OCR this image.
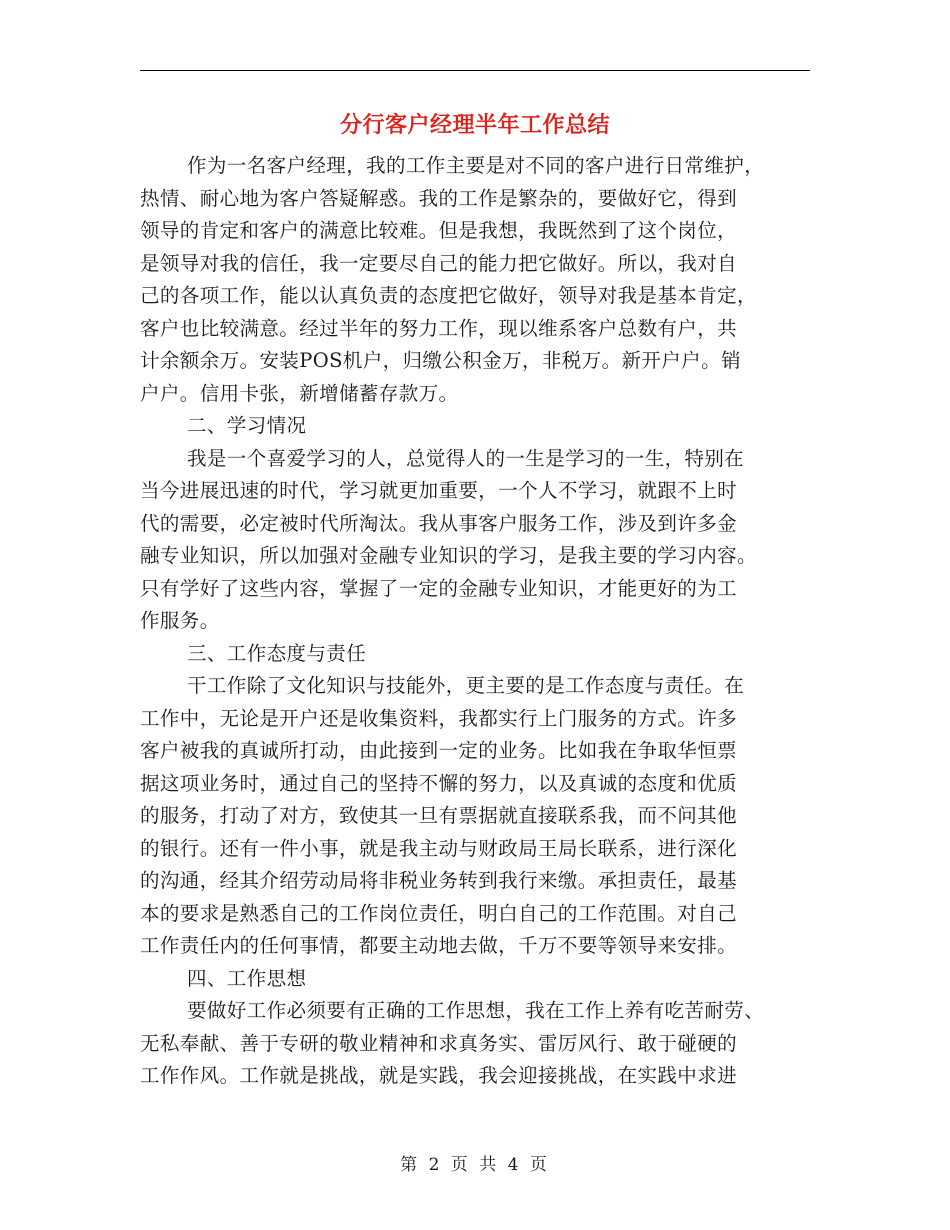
分行客户经理半年工作总结
作为一名客户经理，我的工作主要是对不同的客户进行日常维护，
热情、耐心地为客户答疑解惑。我的工作是繁杂的，要做好它，得到
领导的肯定和客户的满意比较难。但是我想，我既然到了这个岗位，
是领导对我的信任，我一定要尽自己的能力把它做好。所以，我对自
己的各项工作，能以认真负责的态度把它做好，领导对我是基本肯定，
客户也比较满意。经过半年的努力工作，现以维系客户总数有户，共
计余额余万。安装POS机户，归缴公积金万，非税万。新开户户。销
户户。信用卡张，新增储蓄存款万。
二、学习情况
我是一个喜爱学习的人，总觉得人的一生是学习的一生，特别在
当今进展迅速的时代，学习就更加重要，一个人不学习，就跟不上时
代的需要，必定被时代所淘汰。我从事客户服务工作，涉及到许多金
融专业知识，所以加强对金融专业知识的学习，是我主要的学习内容。
只有学好了这些内容，掌握了一定的金融专业知识，才能更好的为工
作服务。
三、工作态度与责任
干工作除了文化知识与技能外，更主要的是工作态度与责任。在
工作中，无论是开户还是收集资料，我都实行上门服务的方式。许多
客户被我的真诚所打动，由此接到一定的业务。比如我在争取华恒票
据这项业务时，通过自己的坚持不懈的努力，以及真诚的态度和优质
的服务，打动了对方，致使其一旦有票据就直接联系我，而不问其他
的银行。还有一件小事，就是我主动与财政局王局长联系，进行深化
的沟通，经其介绍劳动局将非税业务转到我行来缴。承担责任，最基
本的要求是熟悉自己的工作岗位责任，明白自己的工作范围。对自己
工作责任内的任何事情，都要主动地去做，千万不要等领导来安排。
四、工作思想
要做好工作必须要有正确的工作思想，我在工作上养有吃苦耐劳、
无私奉献、善于专研的敬业精神和求真务实、雷厉风行、敢于碰硬的
工作作风。工作就是挑战，就是实践，我会迎接挑战，在实践中求进
第 2 页 共 4 页
